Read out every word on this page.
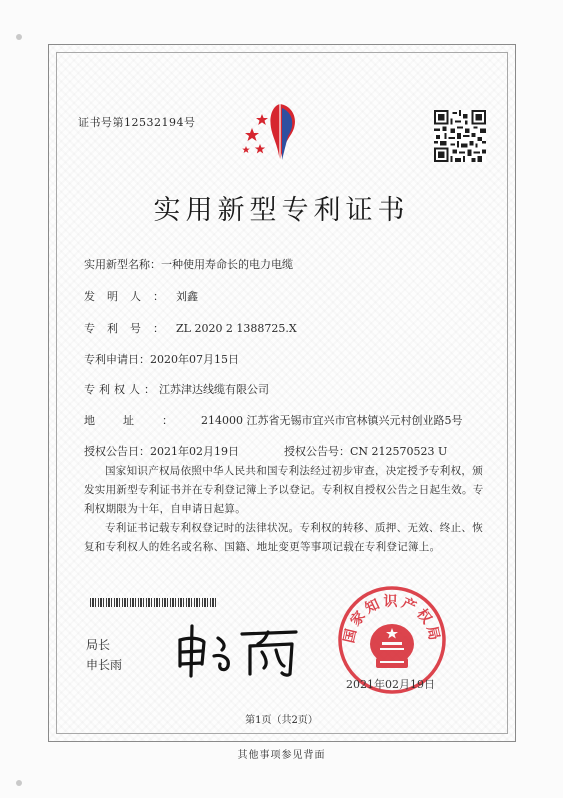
证书号第12532194号
实用新型专利证书
实用新型名称：一种使用寿命长的电力电缆
发明人：刘鑫
专利号：ZL 2020 2 1388725.X
专利申请日：2020年07月15日
专利权人：江苏津达线缆有限公司
地址：214000 江苏省无锡市宜兴市官林镇兴元村创业路5号
授权公告日：2021年02月19日	授权公告号：CN 212570523 U
国家知识产权局依照中华人民共和国专利法经过初步审查，决定授予专利权，颁发实用新型专利证书并在专利登记簿上予以登记。专利权自授权公告之日起生效。专利权期限为十年，自申请日起算。
专利证书记载专利权登记时的法律状况。专利权的转移、质押、无效、终止、恢复和专利权人的姓名或名称、国籍、地址变更等事项记载在专利登记簿上。
局长
申长雨
国家知识产权局
2021年02月19日
第1页（共2页）
其他事项参见背面
